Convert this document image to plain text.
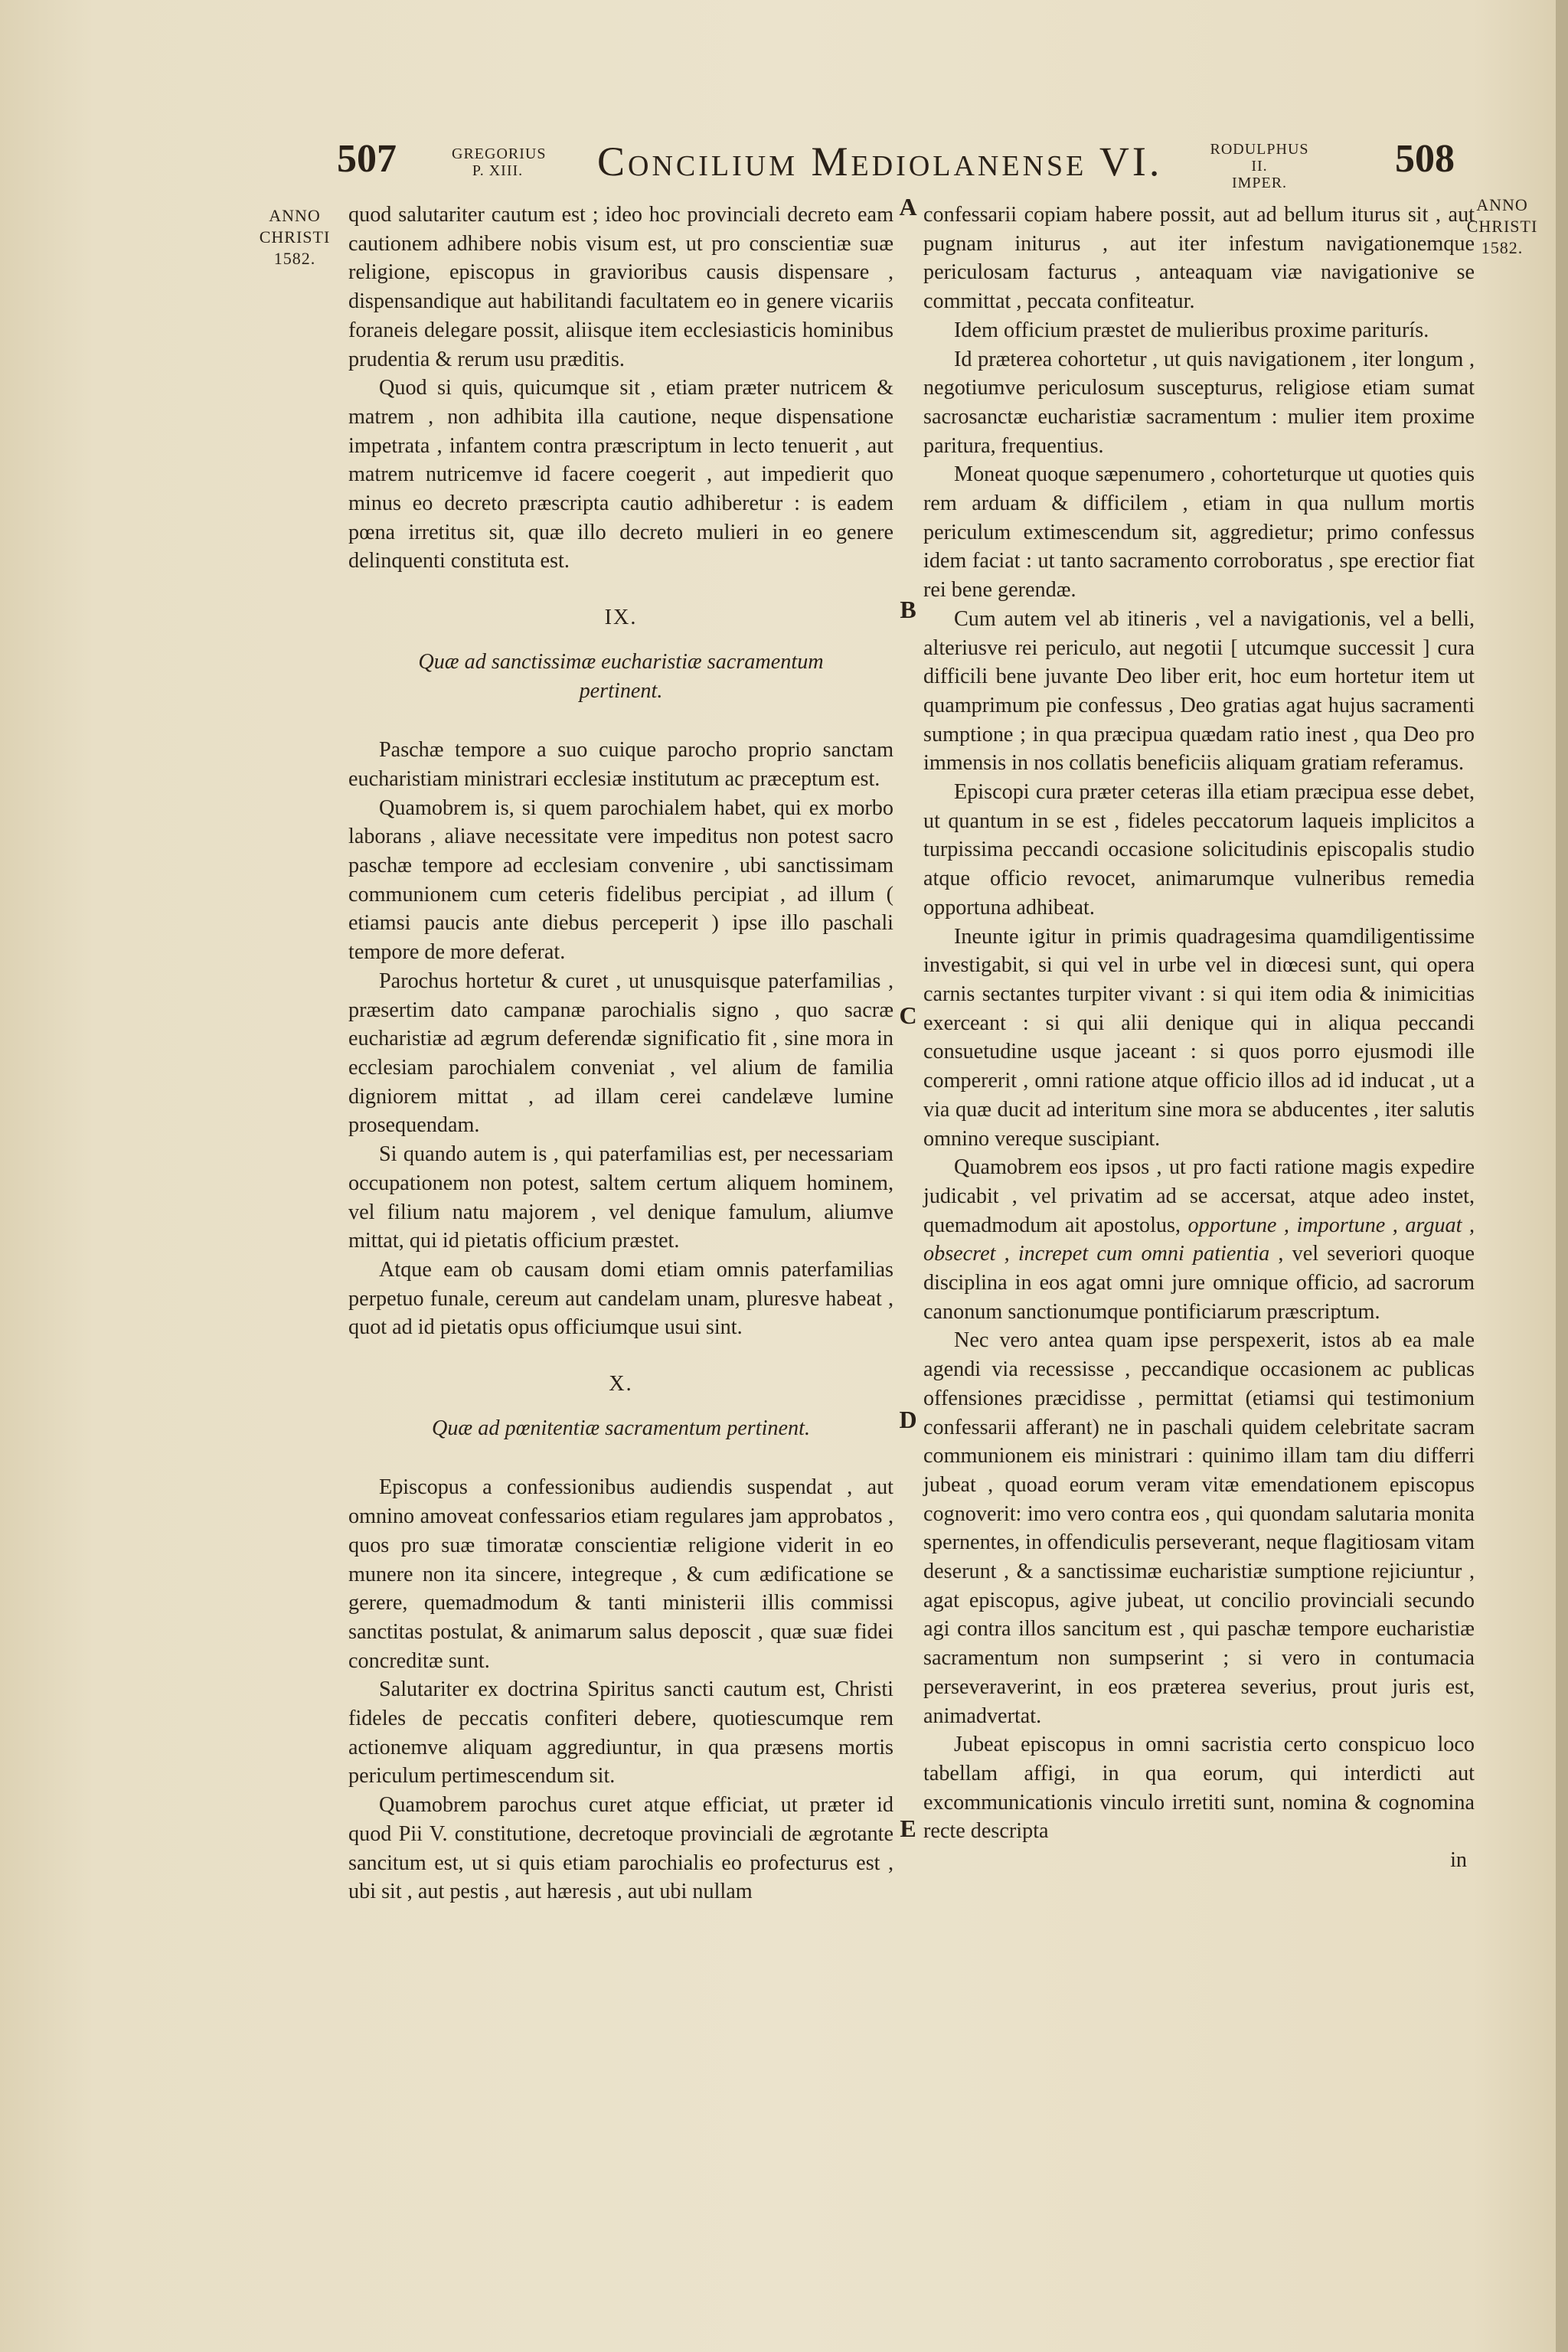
507	GREGORIUS
P. XIII.	Concilium Mediolanense VI.	RODULPHUS II.
IMPER.
508
ANNO
CHRISTI
1582.
ANNO
CHRISTI
1582.
A
B
C
D
E

quod salutariter cautum est ; ideo hoc provinciali decreto eam cautionem adhibere nobis visum est, ut pro conscientiæ suæ religione, episcopus in gravioribus causis dispensare , dispensandique aut habilitandi facultatem eo in genere vicariis foraneis delegare possit, aliisque item ecclesiasticis hominibus prudentia & rerum usu præditis.

Quod si quis, quicumque sit , etiam præter nutricem & matrem , non adhibita illa cautione, neque dispensatione impetrata , infantem contra præscriptum in lecto tenuerit , aut matrem nutricemve id facere coegerit , aut impedierit quo minus eo decreto præscripta cautio adhiberetur : is eadem pœna irretitus sit, quæ illo decreto mulieri in eo genere delinquenti constituta est.

IX.
Quæ ad sanctissimæ eucharistiæ sacramentum pertinent.

Paschæ tempore a suo cuique parocho proprio sanctam eucharistiam ministrari ecclesiæ institutum ac præceptum est.

Quamobrem is, si quem parochialem habet, qui ex morbo laborans , aliave necessitate vere impeditus non potest sacro paschæ tempore ad ecclesiam convenire , ubi sanctissimam communionem cum ceteris fidelibus percipiat , ad illum ( etiamsi paucis ante diebus perceperit ) ipse illo paschali tempore de more deferat.

Parochus hortetur & curet , ut unusquisque paterfamilias , præsertim dato campanæ parochialis signo , quo sacræ eucharistiæ ad ægrum deferendæ significatio fit , sine mora in ecclesiam parochialem conveniat , vel alium de familia digniorem mittat , ad illam cerei candelæve lumine prosequendam.

Si quando autem is , qui paterfamilias est, per necessariam occupationem non potest, saltem certum aliquem hominem, vel filium natu majorem , vel denique famulum, aliumve mittat, qui id pietatis officium præstet.

Atque eam ob causam domi etiam omnis paterfamilias perpetuo funale, cereum aut candelam unam, pluresve habeat , quot ad id pietatis opus officiumque usui sint.

X.
Quæ ad pœnitentiæ sacramentum pertinent.

Episcopus a confessionibus audiendis suspendat , aut omnino amoveat confessarios etiam regulares jam approbatos , quos pro suæ timoratæ conscientiæ religione viderit in eo munere non ita sincere, integreque , & cum ædificatione se gerere, quemadmodum & tanti ministerii illis commissi sanctitas postulat, & animarum salus deposcit , quæ suæ fidei concreditæ sunt.

Salutariter ex doctrina Spiritus sancti cautum est, Christi fideles de peccatis confiteri debere, quotiescumque rem actionemve aliquam aggrediuntur, in qua præsens mortis periculum pertimescendum sit.

Quamobrem parochus curet atque efficiat, ut præter id quod Pii V. constitutione, decretoque provinciali de ægrotante sancitum est, ut si quis etiam parochialis eo profecturus est , ubi sit , aut pestis , aut hæresis , aut ubi nullam

confessarii copiam habere possit, aut ad bellum iturus sit , aut pugnam initurus , aut iter infestum navigationemque periculosam facturus , anteaquam viæ navigationive se committat , peccata confiteatur.

Idem officium præstet de mulieribus proxime pariturís.

Id præterea cohortetur , ut quis navigationem , iter longum , negotiumve periculosum suscepturus, religiose etiam sumat sacrosanctæ eucharistiæ sacramentum : mulier item proxime paritura, frequentius.

Moneat quoque sæpenumero , cohorteturque ut quoties quis rem arduam & difficilem , etiam in qua nullum mortis periculum extimescendum sit, aggredietur; primo confessus idem faciat : ut tanto sacramento corroboratus , spe erectior fiat rei bene gerendæ.

Cum autem vel ab itineris , vel a navigationis, vel a belli, alteriusve rei periculo, aut negotii [ utcumque successit ] cura difficili bene juvante Deo liber erit, hoc eum hortetur item ut quamprimum pie confessus , Deo gratias agat hujus sacramenti sumptione ; in qua præcipua quædam ratio inest , qua Deo pro immensis in nos collatis beneficiis aliquam gratiam referamus.

Episcopi cura præter ceteras illa etiam præcipua esse debet, ut quantum in se est , fideles peccatorum laqueis implicitos a turpissima peccandi occasione solicitudinis episcopalis studio atque officio revocet, animarumque vulneribus remedia opportuna adhibeat.

Ineunte igitur in primis quadragesima quamdiligentissime investigabit, si qui vel in urbe vel in diœcesi sunt, qui opera carnis sectantes turpiter vivant : si qui item odia & inimicitias exerceant : si qui alii denique qui in aliqua peccandi consuetudine usque jaceant : si quos porro ejusmodi ille compererit , omni ratione atque officio illos ad id inducat , ut a via quæ ducit ad interitum sine mora se abducentes , iter salutis omnino vereque suscipiant.

Quamobrem eos ipsos , ut pro facti ratione magis expedire judicabit , vel privatim ad se accersat, atque adeo instet, quemadmodum ait apostolus, opportune , importune , arguat , obsecret , increpet cum omni patientia , vel severiori quoque disciplina in eos agat omni jure omnique officio, ad sacrorum canonum sanctionumque pontificiarum præscriptum.

Nec vero antea quam ipse perspexerit, istos ab ea male agendi via recessisse , peccandique occasionem ac publicas offensiones præcidisse , permittat (etiamsi qui testimonium confessarii afferant) ne in paschali quidem celebritate sacram communionem eis ministrari : quinimo illam tam diu differri jubeat , quoad eorum veram vitæ emendationem episcopus cognoverit: imo vero contra eos , qui quondam salutaria monita spernentes, in offendiculis perseverant, neque flagitiosam vitam deserunt , & a sanctissimæ eucharistiæ sumptione rejiciuntur , agat episcopus, agive jubeat, ut concilio provinciali secundo agi contra illos sancitum est , qui paschæ tempore eucharistiæ sacramentum non sumpserint ; si vero in contumacia perseveraverint, in eos præterea severius, prout juris est, animadvertat.

Jubeat episcopus in omni sacristia certo conspicuo loco tabellam affigi, in qua eorum, qui interdicti aut excommunicationis vinculo irretiti sunt, nomina & cognomina recte descripta

in
